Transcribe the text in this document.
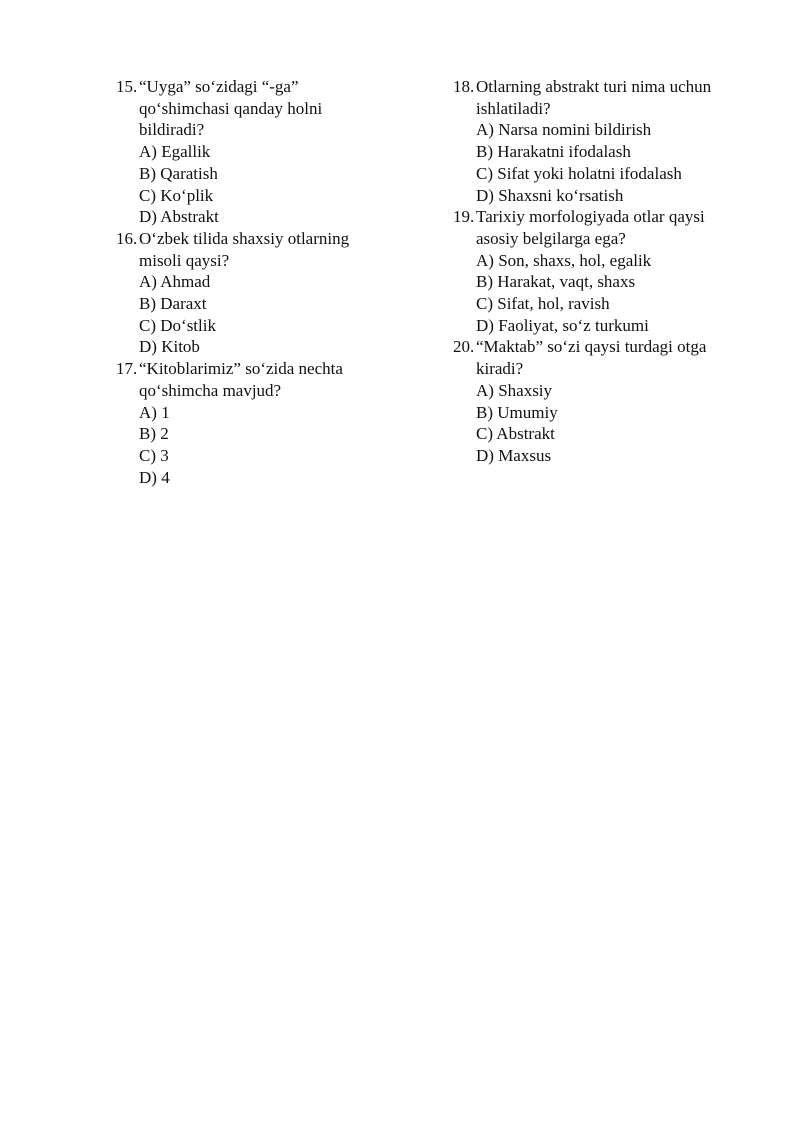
15. “Uyga” so‘zidagi “-ga”
qo‘shimchasi qanday holni
bildiradi?
A) Egallik
B) Qaratish
C) Ko‘plik
D) Abstrakt
16. O‘zbek tilida shaxsiy otlarning
misoli qaysi?
A) Ahmad
B) Daraxt
C) Do‘stlik
D) Kitob
17. “Kitoblarimiz” so‘zida nechta
qo‘shimcha mavjud?
A) 1
B) 2
C) 3
D) 4
18. Otlarning abstrakt turi nima uchun
ishlatiladi?
A) Narsa nomini bildirish
B) Harakatni ifodalash
C) Sifat yoki holatni ifodalash
D) Shaxsni ko‘rsatish
19. Tarixiy morfologiyada otlar qaysi
asosiy belgilarga ega?
A) Son, shaxs, hol, egalik
B) Harakat, vaqt, shaxs
C) Sifat, hol, ravish
D) Faoliyat, so‘z turkumi
20. “Maktab” so‘zi qaysi turdagi otga
kiradi?
A) Shaxsiy
B) Umumiy
C) Abstrakt
D) Maxsus
